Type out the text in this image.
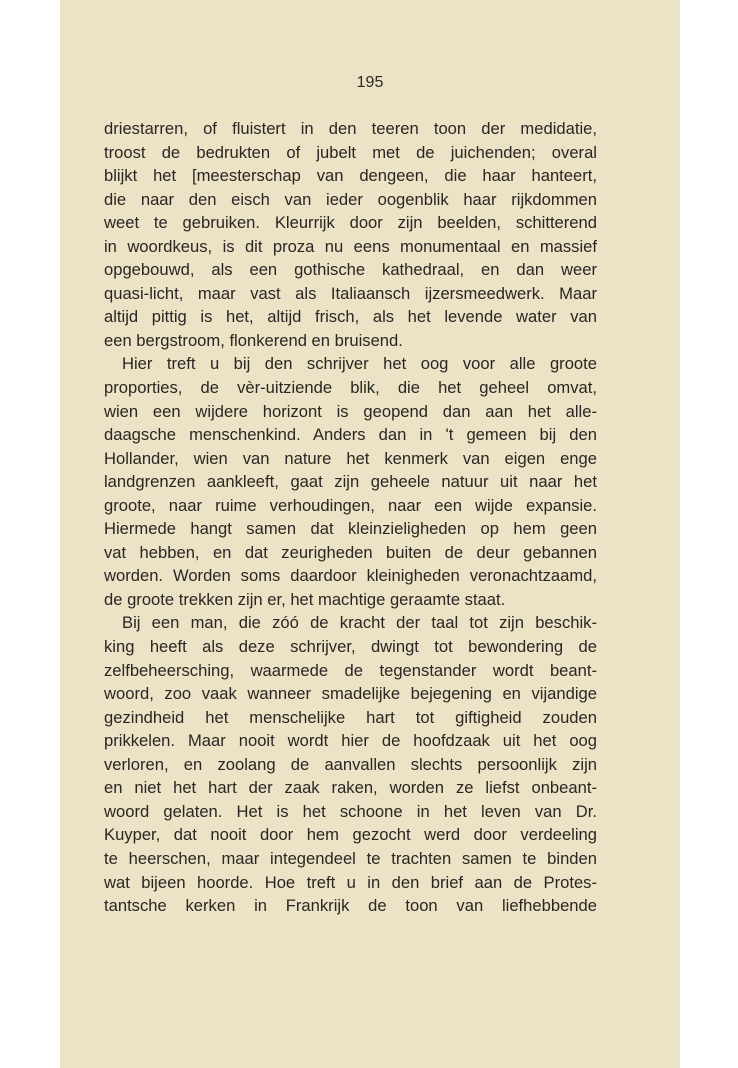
195
driestarren, of fluistert in den teeren toon der medidatie,
troost de bedrukten of jubelt met de juichenden; overal
blijkt het [meesterschap van dengeen, die haar hanteert,
die naar den eisch van ieder oogenblik haar rijkdommen
weet te gebruiken. Kleurrijk door zijn beelden, schitterend
in woordkeus, is dit proza nu eens monumentaal en massief
opgebouwd, als een gothische kathedraal, en dan weer
quasi-licht, maar vast als Italiaansch ijzersmeedwerk. Maar
altijd pittig is het, altijd frisch, als het levende water van
een bergstroom, flonkerend en bruisend.
Hier treft u bij den schrijver het oog voor alle groote
proporties, de vèr-uitziende blik, die het geheel omvat,
wien een wijdere horizont is geopend dan aan het alle-
daagsche menschenkind. Anders dan in 't gemeen bij den
Hollander, wien van nature het kenmerk van eigen enge
landgrenzen aankleeft, gaat zijn geheele natuur uit naar het
groote, naar ruime verhoudingen, naar een wijde expansie.
Hiermede hangt samen dat kleinzieligheden op hem geen
vat hebben, en dat zeurigheden buiten de deur gebannen
worden. Worden soms daardoor kleinigheden veronachtzaamd,
de groote trekken zijn er, het machtige geraamte staat.
Bij een man, die zóó de kracht der taal tot zijn beschik-
king heeft als deze schrijver, dwingt tot bewondering de
zelfbeheersching, waarmede de tegenstander wordt beant-
woord, zoo vaak wanneer smadelijke bejegening en vijandige
gezindheid het menschelijke hart tot giftigheid zouden
prikkelen. Maar nooit wordt hier de hoofdzaak uit het oog
verloren, en zoolang de aanvallen slechts persoonlijk zijn
en niet het hart der zaak raken, worden ze liefst onbeant-
woord gelaten. Het is het schoone in het leven van Dr.
Kuyper, dat nooit door hem gezocht werd door verdeeling
te heerschen, maar integendeel te trachten samen te binden
wat bijeen hoorde. Hoe treft u in den brief aan de Protes-
tantsche kerken in Frankrijk de toon van liefhebbende
